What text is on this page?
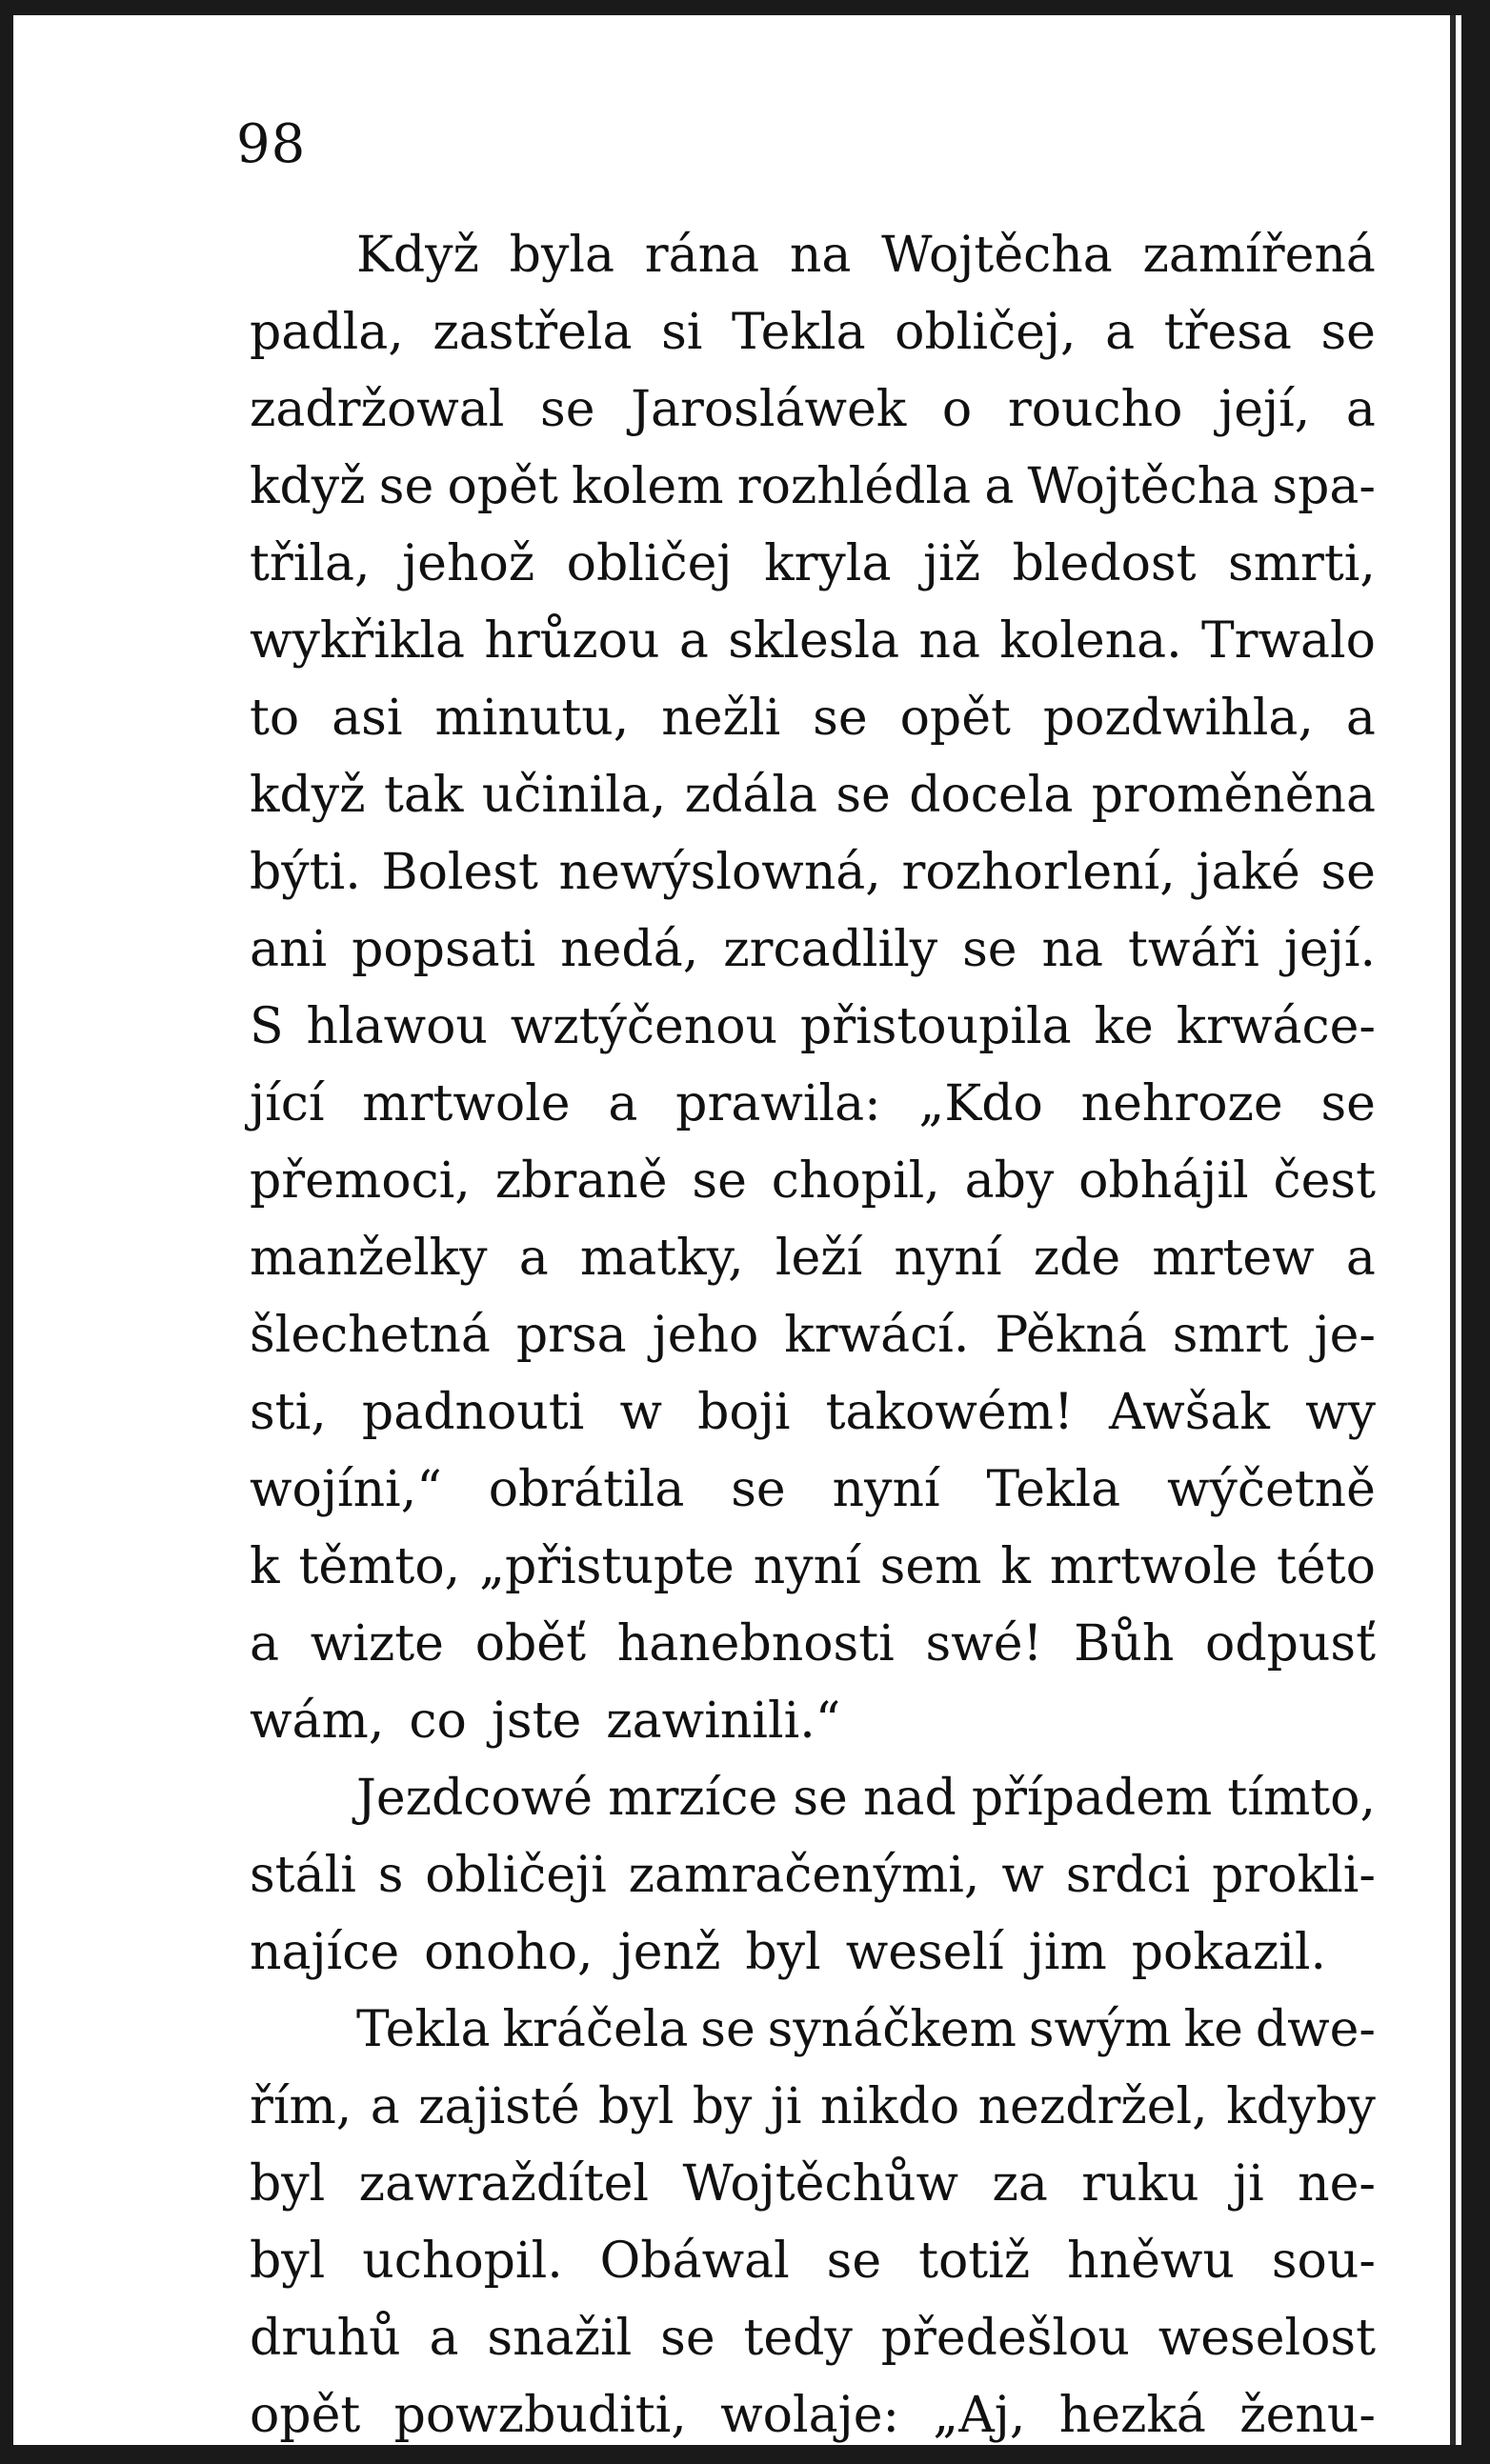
98
Když byla rána na Wojtěcha zamířená
padla, zastřela si Tekla obličej, a třesa se
zadržowal se Jarosláwek o roucho její, a
když se opět kolem rozhlédla a Wojtěcha spa-
třila, jehož obličej kryla již bledost smrti,
wykřikla hrůzou a sklesla na kolena. Trwalo
to asi minutu, nežli se opět pozdwihla, a
když tak učinila, zdála se docela proměněna
býti. Bolest newýslowná, rozhorlení, jaké se
ani popsati nedá, zrcadlily se na twáři její.
S hlawou wztýčenou přistoupila ke krwáce-
jící mrtwole a prawila: „Kdo nehroze se
přemoci, zbraně se chopil, aby obhájil čest
manželky a matky, leží nyní zde mrtew a
šlechetná prsa jeho krwácí. Pěkná smrt je-
sti, padnouti w boji takowém! Awšak wy
wojíni,“ obrátila se nyní Tekla wýčetně
k těmto, „přistupte nyní sem k mrtwole této
a wizte oběť hanebnosti swé! Bůh odpusť
wám, co jste zawinili.“
Jezdcowé mrzíce se nad případem tímto,
stáli s obličeji zamračenými, w srdci prokli-
najíce onoho, jenž byl weselí jim pokazil.
Tekla kráčela se synáčkem swým ke dwe-
řím, a zajisté byl by ji nikdo nezdržel, kdyby
byl zawraždítel Wojtěchůw za ruku ji ne-
byl uchopil. Obáwal se totiž hněwu sou-
druhů a snažil se tedy předešlou weselost
opět powzbuditi, wolaje: „Aj, hezká ženu-
